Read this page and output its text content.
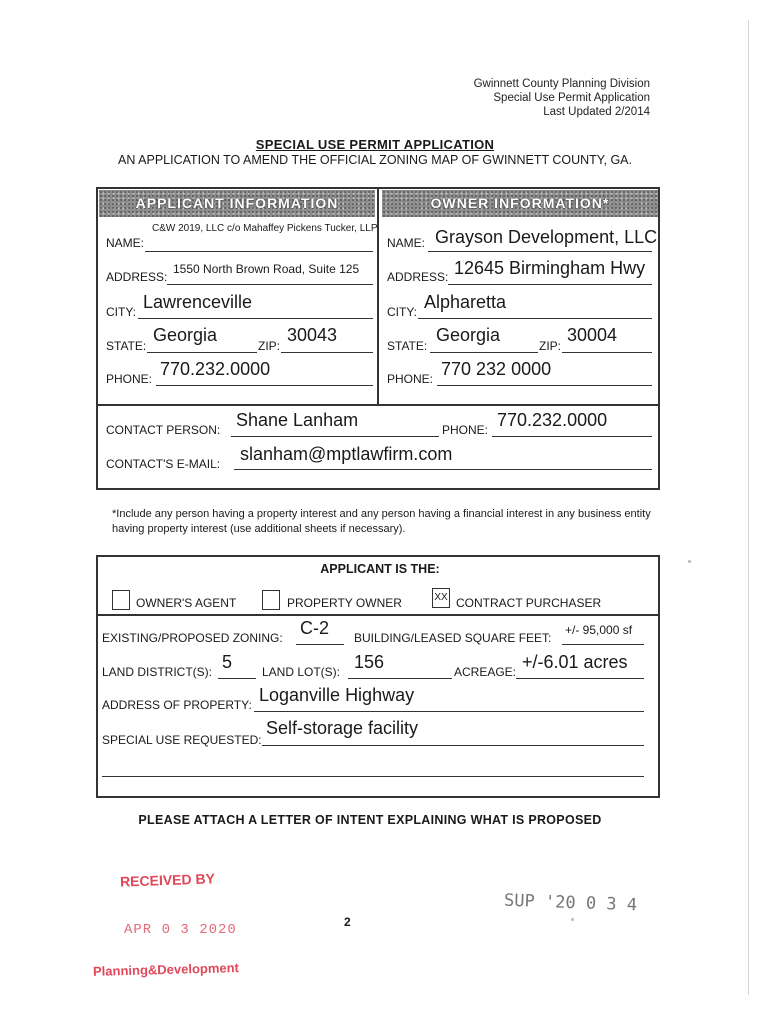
Gwinnett County Planning Division
Special Use Permit Application
Last Updated 2/2014
SPECIAL USE PERMIT APPLICATION
AN APPLICATION TO AMEND THE OFFICIAL ZONING MAP OF GWINNETT COUNTY, GA.
APPLICANT INFORMATION	OWNER INFORMATION*
NAME:
C&W 2019, LLC c/o Mahaffey Pickens Tucker, LLP
ADDRESS:
1550 North Brown Road, Suite 125
CITY: Lawrenceville
STATE:
Georgia
ZIP:
30043
PHONE: 770.232.0000
NAME: Grayson Development, LLC
ADDRESS: 12645 Birmingham Hwy
CITY: Alpharetta
STATE:
Georgia
ZIP:
30004
PHONE: 770 232 0000
CONTACT PERSON: Shane Lanham	PHONE: 770.232.0000
CONTACT'S E-MAIL: slanham@mptlawfirm.com
*Include any person having a property interest and any person having a financial interest in any business entity having property interest (use additional sheets if necessary).
APPLICANT IS THE:
OWNER'S AGENT	PROPERTY OWNER	XX CONTRACT PURCHASER
EXISTING/PROPOSED ZONING: C-2 BUILDING/LEASED SQUARE FEET:
+/- 95,000 sf
LAND DISTRICT(S): 5 LAND LOT(S): 156	ACREAGE: +/-6.01 acres
ADDRESS OF PROPERTY: Loganville Highway
SPECIAL USE REQUESTED:
Self-storage facility
PLEASE ATTACH A LETTER OF INTENT EXPLAINING WHAT IS PROPOSED
RECEIVED BY
APR 0 3 2020
Planning&Development
SUP '20 0 3 4
2
